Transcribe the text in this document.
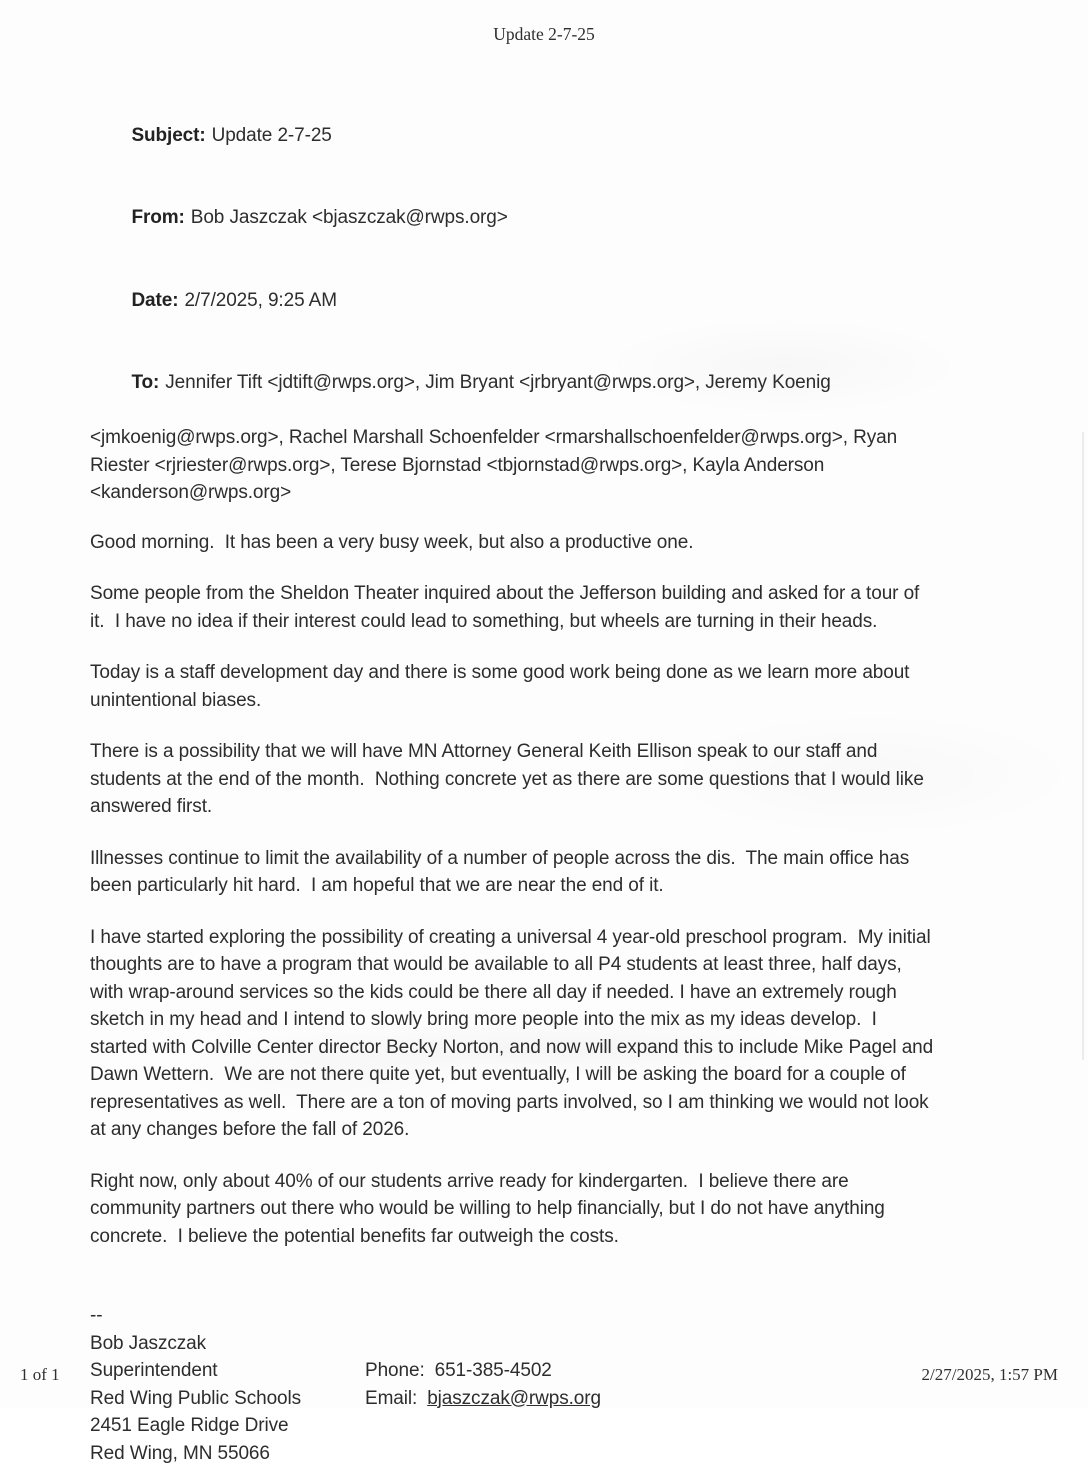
Update 2-7-25

Subject: Update 2-7-25

From: Bob Jaszczak <bjaszczak@rwps.org>

Date: 2/7/2025, 9:25 AM

To: Jennifer Tift <jdtift@rwps.org>, Jim Bryant <jrbryant@rwps.org>, Jeremy Koenig

<jmkoenig@rwps.org>, Rachel Marshall Schoenfelder <rmarshallschoenfelder@rwps.org>, Ryan
Riester <rjriester@rwps.org>, Terese Bjornstad <tbjornstad@rwps.org>, Kayla Anderson
<kanderson@rwps.org>
Good morning.  It has been a very busy week, but also a productive one.
Some people from the Sheldon Theater inquired about the Jefferson building and asked for a tour of
it.  I have no idea if their interest could lead to something, but wheels are turning in their heads.
Today is a staff development day and there is some good work being done as we learn more about
unintentional biases.
There is a possibility that we will have MN Attorney General Keith Ellison speak to our staff and
students at the end of the month.  Nothing concrete yet as there are some questions that I would like
answered first.
Illnesses continue to limit the availability of a number of people across the dis.  The main office has
been particularly hit hard.  I am hopeful that we are near the end of it.
I have started exploring the possibility of creating a universal 4 year-old preschool program.  My initial
thoughts are to have a program that would be available to all P4 students at least three, half days,
with wrap-around services so the kids could be there all day if needed. I have an extremely rough
sketch in my head and I intend to slowly bring more people into the mix as my ideas develop.  I
started with Colville Center director Becky Norton, and now will expand this to include Mike Pagel and
Dawn Wettern.  We are not there quite yet, but eventually, I will be asking the board for a couple of
representatives as well.  There are a ton of moving parts involved, so I am thinking we would not look
at any changes before the fall of 2026.
Right now, only about 40% of our students arrive ready for kindergarten.  I believe there are
community partners out there who would be willing to help financially, but I do not have anything
concrete.  I believe the potential benefits far outweigh the costs.
--
Bob Jaszczak
Superintendent	Phone: 651-385-4502
Red Wing Public Schools	Email: bjaszczak@rwps.org
2451 Eagle Ridge Drive
Red Wing, MN 55066
1 of 1	2/27/2025, 1:57 PM
